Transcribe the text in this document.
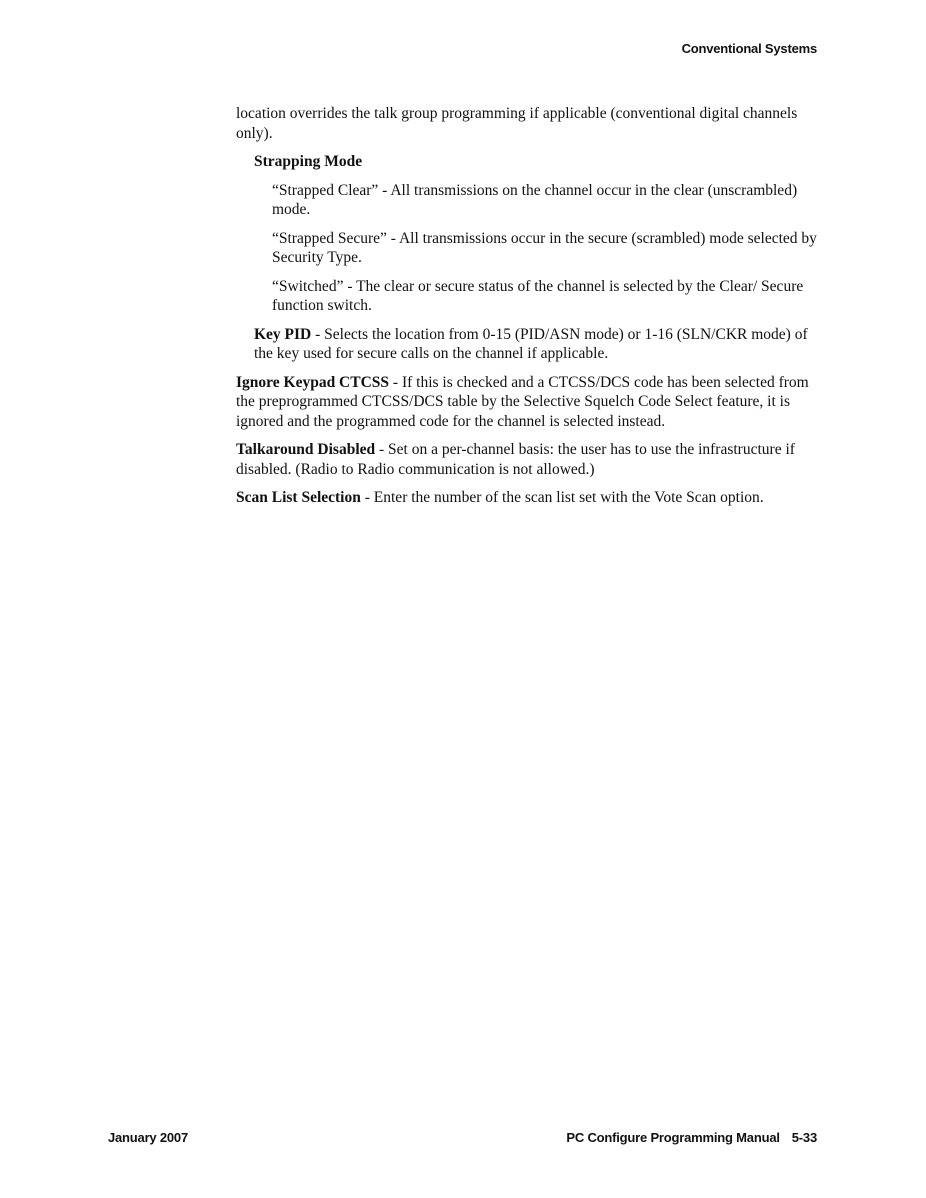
Conventional Systems

location overrides the talk group programming if applicable (conventional digital channels only).

Strapping Mode

“Strapped Clear” - All transmissions on the channel occur in the clear (unscrambled) mode.

“Strapped Secure” - All transmissions occur in the secure (scrambled) mode selected by Security Type.

“Switched” - The clear or secure status of the channel is selected by the Clear/ Secure function switch.

Key PID - Selects the location from 0-15 (PID/ASN mode) or 1-16 (SLN/CKR mode) of the key used for secure calls on the channel if applicable.

Ignore Keypad CTCSS - If this is checked and a CTCSS/DCS code has been selected from the preprogrammed CTCSS/DCS table by the Selective Squelch Code Select feature, it is ignored and the programmed code for the channel is selected instead.

Talkaround Disabled - Set on a per-channel basis: the user has to use the infrastructure if disabled. (Radio to Radio communication is not allowed.)

Scan List Selection - Enter the number of the scan list set with the Vote Scan option.

January 2007	PC Configure Programming Manual 5-33
